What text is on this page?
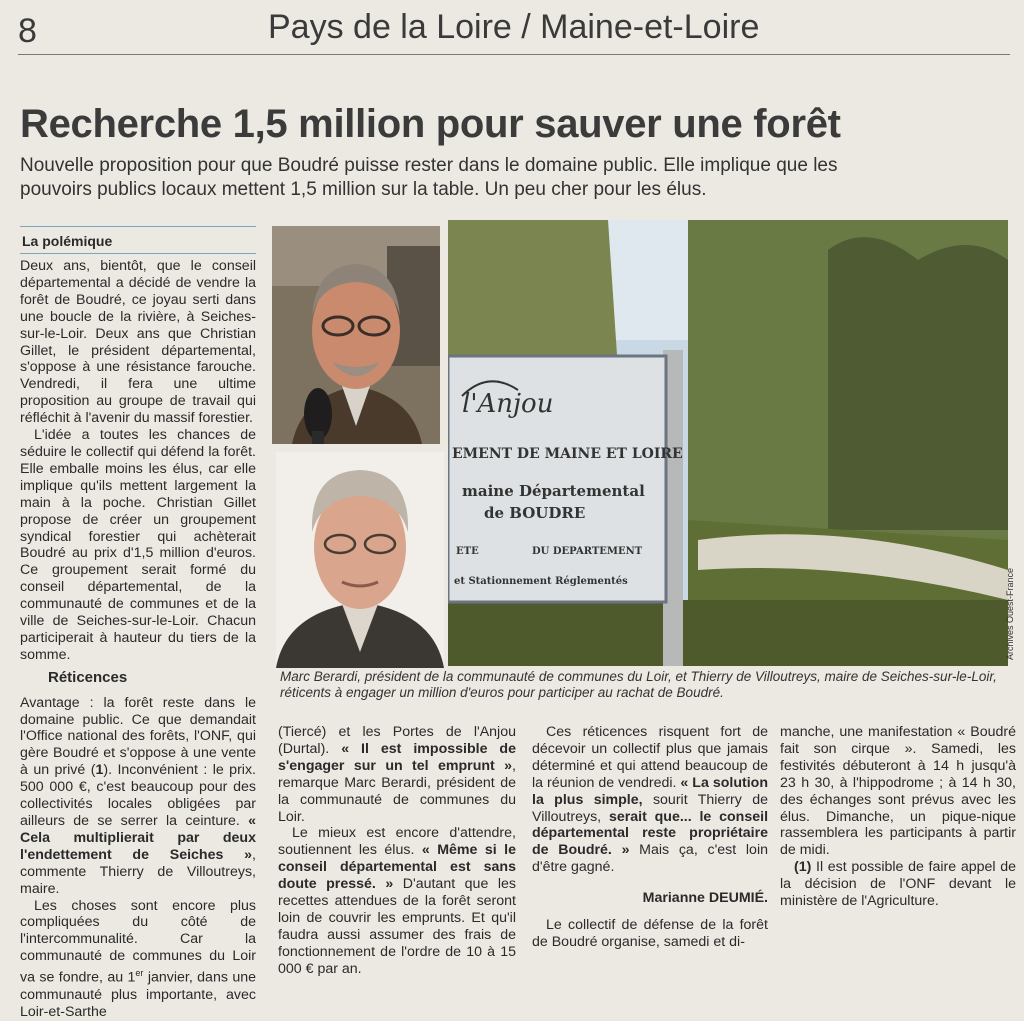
8	Pays de la Loire / Maine-et-Loire
Recherche 1,5 million pour sauver une forêt
Nouvelle proposition pour que Boudré puisse rester dans le domaine public. Elle implique que les pouvoirs publics locaux mettent 1,5 million sur la table. Un peu cher pour les élus.
La polémique

Deux ans, bientôt, que le conseil départemental a décidé de vendre la forêt de Boudré, ce joyau serti dans une boucle de la rivière, à Seiches-sur-le-Loir. Deux ans que Christian Gillet, le président départemental, s'oppose à une résistance farouche. Vendredi, il fera une ultime proposition au groupe de travail qui réfléchit à l'avenir du massif forestier.

L'idée a toutes les chances de séduire le collectif qui défend la forêt. Elle emballe moins les élus, car elle implique qu'ils mettent largement la main à la poche. Christian Gillet propose de créer un groupement syndical forestier qui achèterait Boudré au prix d'1,5 million d'euros. Ce groupement serait formé du conseil départemental, de la communauté de communes et de la ville de Seiches-sur-le-Loir. Chacun participerait à hauteur du tiers de la somme.

Réticences

Avantage : la forêt reste dans le domaine public. Ce que demandait l'Office national des forêts, l'ONF, qui gère Boudré et s'oppose à une vente à un privé (1). Inconvénient : le prix. 500 000 €, c'est beaucoup pour des collectivités locales obligées par ailleurs de se serrer la ceinture. « Cela multiplierait par deux l'endettement de Seiches », commente Thierry de Villoutreys, maire.

Les choses sont encore plus compliquées du côté de l'intercommunalité. Car la communauté de communes du Loir va se fondre, au 1er janvier, dans une communauté plus importante, avec Loir-et-Sarthe

l'Anjou
EMENT DE MAINE ET LOIRE
maine Départemental
de BOUDRE
ETE	DU DEPARTEMENT
et Stationnement Réglementés	Archives Ouest-France
Marc Berardi, président de la communauté de communes du Loir, et Thierry de Villoutreys, maire de Seiches-sur-le-Loir, réticents à engager un million d'euros pour participer au rachat de Boudré.

(Tiercé) et les Portes de l'Anjou (Durtal). « Il est impossible de s'engager sur un tel emprunt », remarque Marc Berardi, président de la communauté de communes du Loir.

Le mieux est encore d'attendre, soutiennent les élus. « Même si le conseil départemental est sans doute pressé. » D'autant que les recettes attendues de la forêt seront loin de couvrir les emprunts. Et qu'il faudra aussi assumer des frais de fonctionnement de l'ordre de 10 à 15 000 € par an.

Ces réticences risquent fort de décevoir un collectif plus que jamais déterminé et qui attend beaucoup de la réunion de vendredi. « La solution la plus simple, sourit Thierry de Villoutreys, serait que... le conseil départemental reste propriétaire de Boudré. » Mais ça, c'est loin d'être gagné.

Marianne DEUMIÉ.

Le collectif de défense de la forêt de Boudré organise, samedi et di-

manche, une manifestation « Boudré fait son cirque ». Samedi, les festivités débuteront à 14 h jusqu'à 23 h 30, à l'hippodrome ; à 14 h 30, des échanges sont prévus avec les élus. Dimanche, un pique-nique rassemblera les participants à partir de midi.

(1) Il est possible de faire appel de la décision de l'ONF devant le ministère de l'Agriculture.
